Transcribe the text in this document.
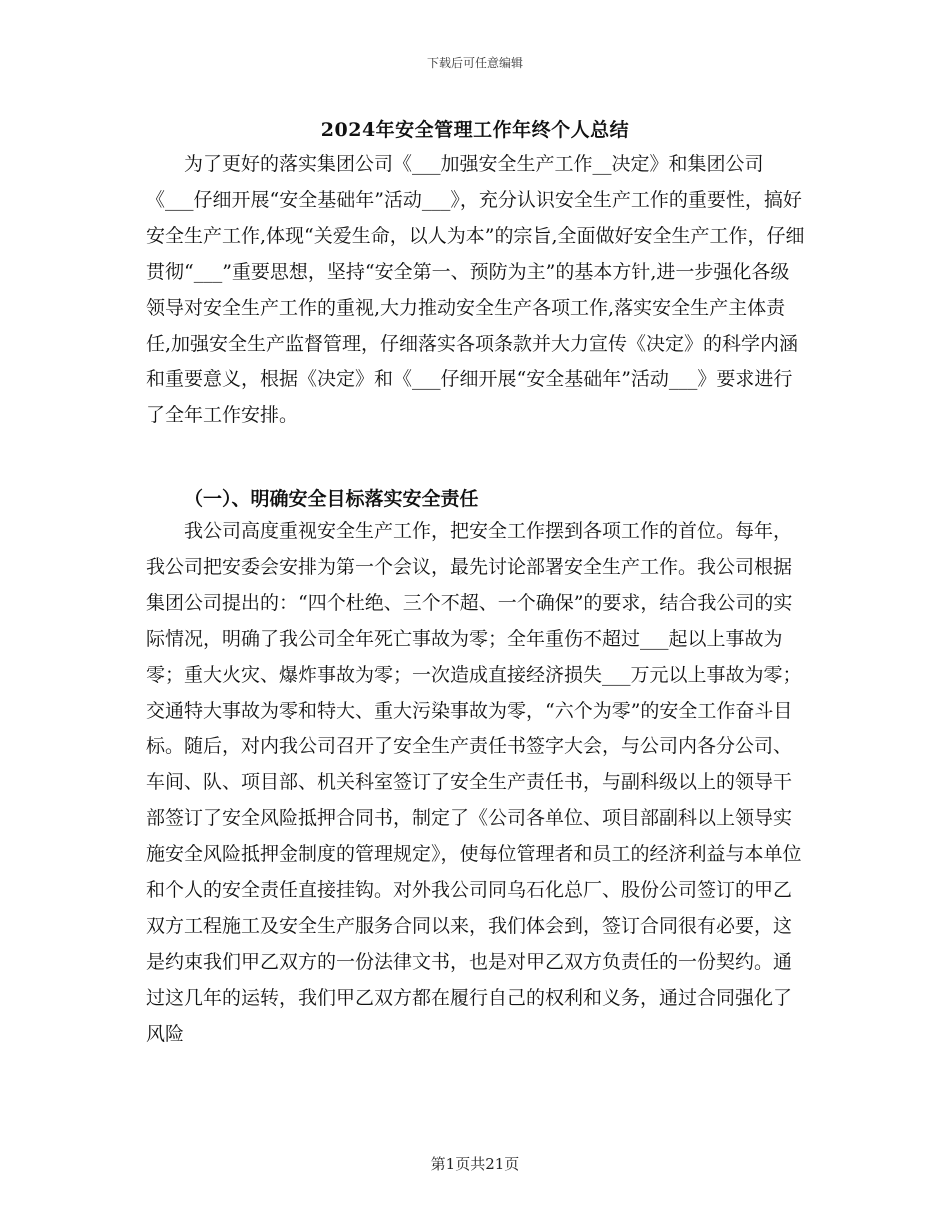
下载后可任意编辑
2024年安全管理工作年终个人总结

为了更好的落实集团公司《___加强安全生产工作__决定》和集团公司《___仔细开展“安全基础年”活动___》，充分认识安全生产工作的重要性，搞好安全生产工作,体现“关爱生命，以人为本”的宗旨,全面做好安全生产工作，仔细贯彻“___”重要思想，坚持“安全第一、预防为主”的基本方针,进一步强化各级领导对安全生产工作的重视,大力推动安全生产各项工作,落实安全生产主体责任,加强安全生产监督管理，仔细落实各项条款并大力宣传《决定》的科学内涵和重要意义，根据《决定》和《___仔细开展“安全基础年”活动___》要求进行了全年工作安排。

（一）、明确安全目标落实安全责任

我公司高度重视安全生产工作，把安全工作摆到各项工作的首位。每年，我公司把安委会安排为第一个会议，最先讨论部署安全生产工作。我公司根据集团公司提出的：“四个杜绝、三个不超、一个确保”的要求，结合我公司的实际情况，明确了我公司全年死亡事故为零；全年重伤不超过___起以上事故为零；重大火灾、爆炸事故为零；一次造成直接经济损失___万元以上事故为零；交通特大事故为零和特大、重大污染事故为零，“六个为零”的安全工作奋斗目标。随后，对内我公司召开了安全生产责任书签字大会，与公司内各分公司、车间、队、项目部、机关科室签订了安全生产责任书，与副科级以上的领导干部签订了安全风险抵押合同书，制定了《公司各单位、项目部副科以上领导实施安全风险抵押金制度的管理规定》，使每位管理者和员工的经济利益与本单位和个人的安全责任直接挂钩。对外我公司同乌石化总厂、股份公司签订的甲乙双方工程施工及安全生产服务合同以来，我们体会到，签订合同很有必要，这是约束我们甲乙双方的一份法律文书，也是对甲乙双方负责任的一份契约。通过这几年的运转，我们甲乙双方都在履行自己的权利和义务，通过合同强化了风险

第1页共21页
